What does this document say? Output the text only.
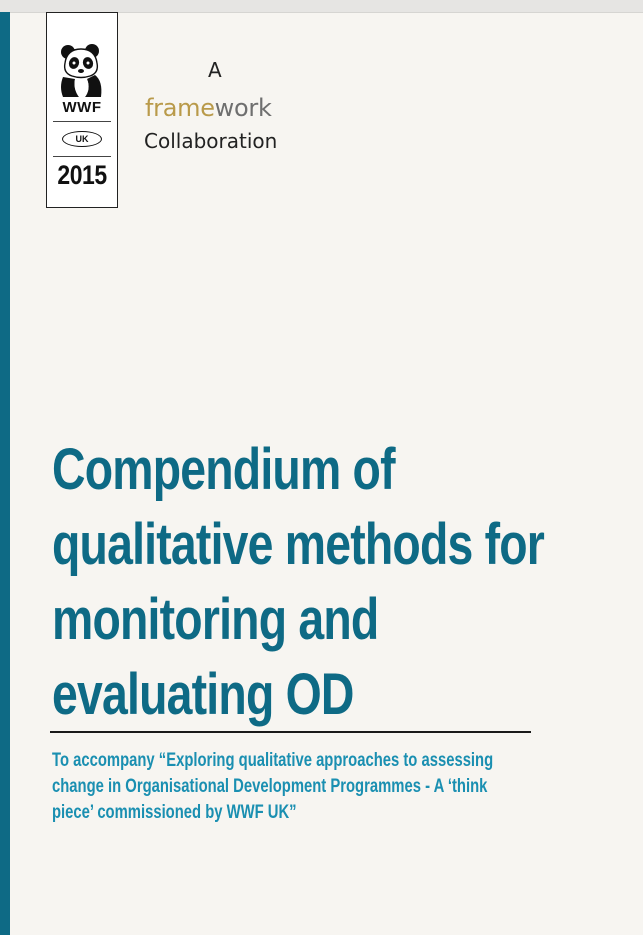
WWF
UK
2015
A
framework
Collaboration
Compendium of
qualitative methods for
monitoring and
evaluating OD
To accompany “Exploring qualitative approaches to assessing
change in Organisational Development Programmes - A ‘think
piece’ commissioned by WWF UK”
